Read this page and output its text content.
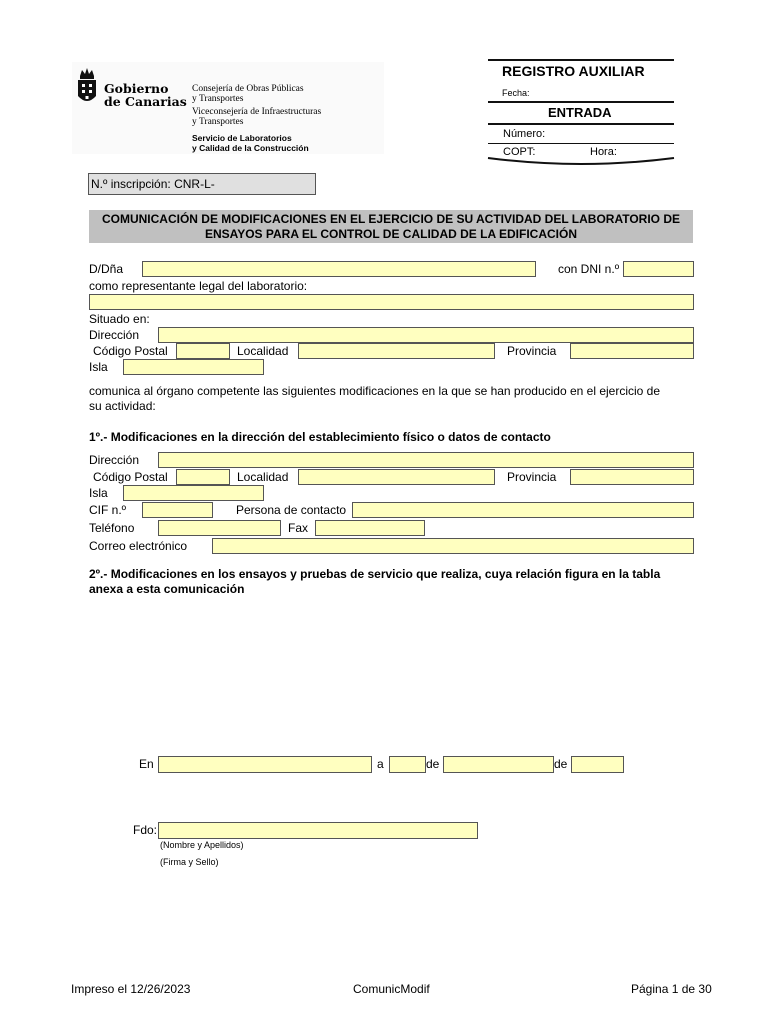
Gobierno
de Canarias
Consejería de Obras Públicas
y Transportes
Viceconsejería de Infraestructuras
y Transportes
Servicio de Laboratorios
y Calidad de la Construcción
REGISTRO AUXILIAR
Fecha:
ENTRADA
Número:
COPT:	Hora:
N.º inscripción: CNR-L-
COMUNICACIÓN DE MODIFICACIONES EN EL EJERCICIO DE SU ACTIVIDAD DEL LABORATORIO DE
ENSAYOS PARA EL CONTROL DE CALIDAD DE LA EDIFICACIÓN
D/Dña	con DNI n.º
como representante legal del laboratorio:
Situado en:
Dirección
Código Postal	Localidad	Provincia
Isla
comunica al órgano competente las siguientes modificaciones en la que se han producido en el ejercicio de
su actividad:
1º.- Modificaciones en la dirección del establecimiento físico o datos de contacto
Dirección
Código Postal	Localidad	Provincia
Isla
CIF n.º	Persona de contacto
Teléfono	Fax
Correo electrónico
2º.- Modificaciones en los ensayos y pruebas de servicio que realiza, cuya relación figura en la tabla
anexa a esta comunicación
En	a	de	de
Fdo:
(Nombre y Apellidos)
(Firma y Sello)
Impreso el 12/26/2023	ComunicModif	Página 1 de 30
